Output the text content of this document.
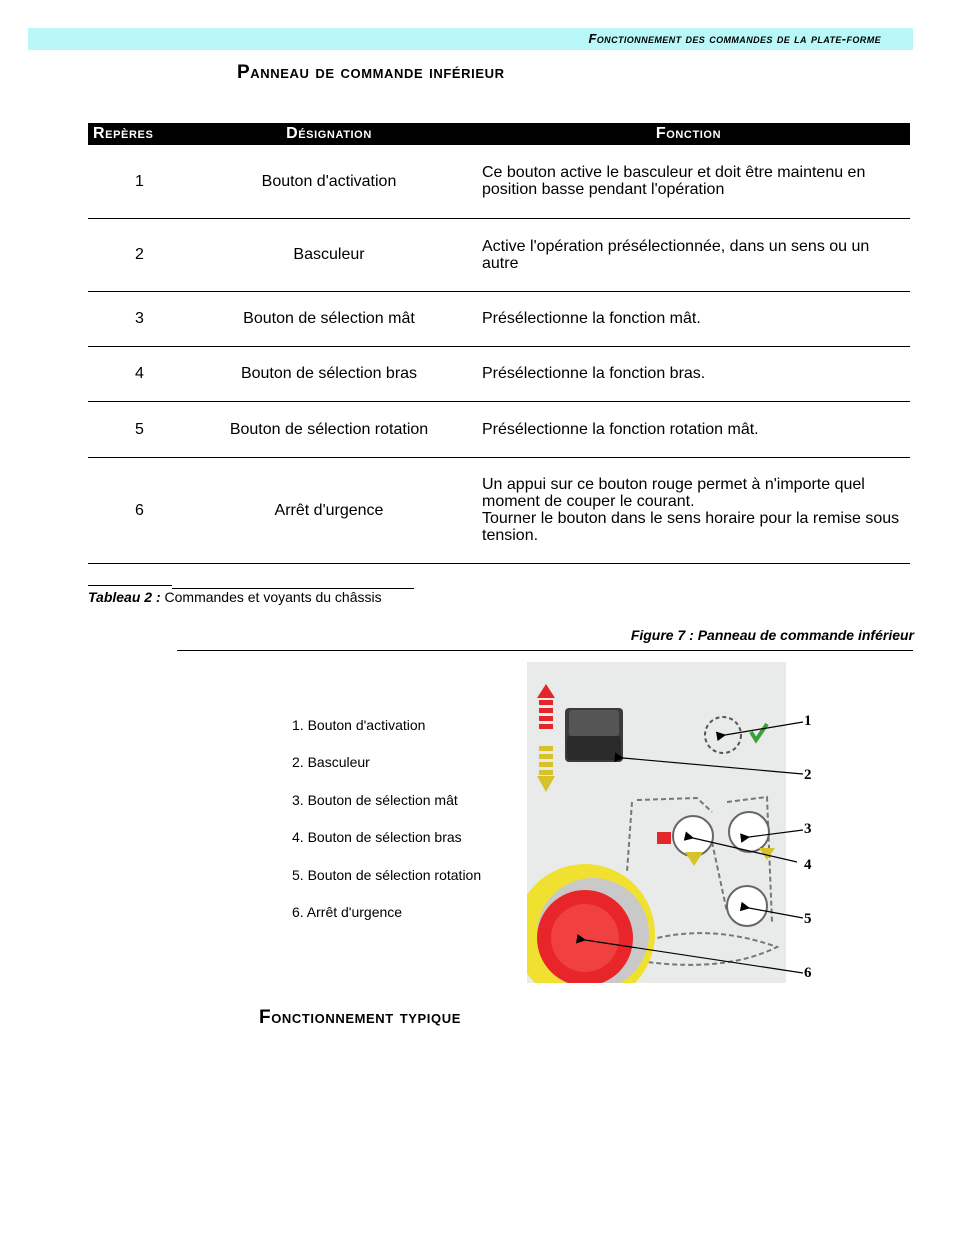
Fonctionnement des commandes de la plate-forme
Panneau de commande inférieur
Repères	Désignation	Fonction
1	Bouton d'activation	Ce bouton active le basculeur et doit être maintenu en position basse pendant l'opération

2	Basculeur	Active l'opération présélectionnée, dans un sens ou un autre

3	Bouton de sélection mât	Présélectionne la fonction mât.

4	Bouton de sélection bras	Présélectionne la fonction bras.

5	Bouton de sélection rotation	Présélectionne la fonction rotation mât.

6	Arrêt d'urgence	Un appui sur ce bouton rouge permet à n'importe quel moment de couper le courant.
Tourner le bouton dans le sens horaire pour la remise sous tension.
Tableau 2 : Commandes et voyants du châssis
Figure 7 : Panneau de commande inférieur
1. Bouton d'activation
2. Basculeur
3. Bouton de sélection mât
4. Bouton de sélection bras
5. Bouton de sélection rotation
6. Arrêt d'urgence
1
2
3
4
5
6
Fonctionnement typique
